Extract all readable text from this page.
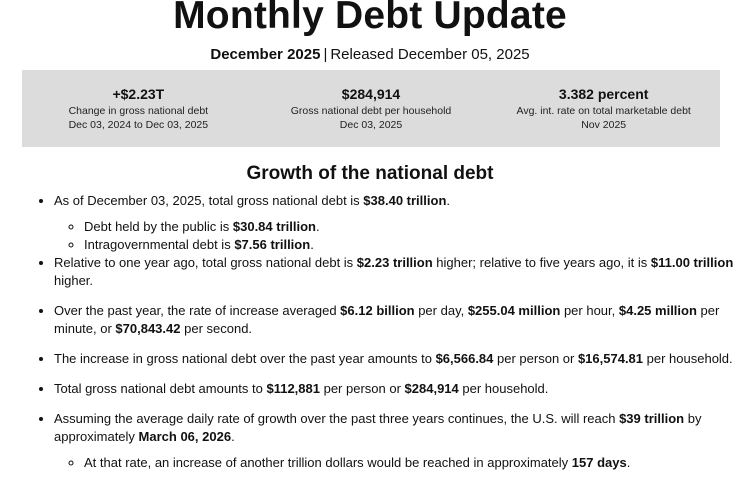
Monthly Debt Update
December 2025 | Released December 05, 2025
+$2.23T
Change in gross national debt
Dec 03, 2024 to Dec 03, 2025
$284,914
Gross national debt per household
Dec 03, 2025
3.382 percent
Avg. int. rate on total marketable debt
Nov 2025
Growth of the national debt
• As of December 03, 2025, total gross national debt is $38.40 trillion.
◦ Debt held by the public is $30.84 trillion.
◦ Intragovernmental debt is $7.56 trillion.
• Relative to one year ago, total gross national debt is $2.23 trillion higher; relative to five years ago, it is $11.00 trillion higher.
• Over the past year, the rate of increase averaged $6.12 billion per day, $255.04 million per hour, $4.25 million per minute, or $70,843.42 per second.
• The increase in gross national debt over the past year amounts to $6,566.84 per person or $16,574.81 per household.
• Total gross national debt amounts to $112,881 per person or $284,914 per household.
• Assuming the average daily rate of growth over the past three years continues, the U.S. will reach $39 trillion by approximately March 06, 2026.
◦ At that rate, an increase of another trillion dollars would be reached in approximately 157 days.
